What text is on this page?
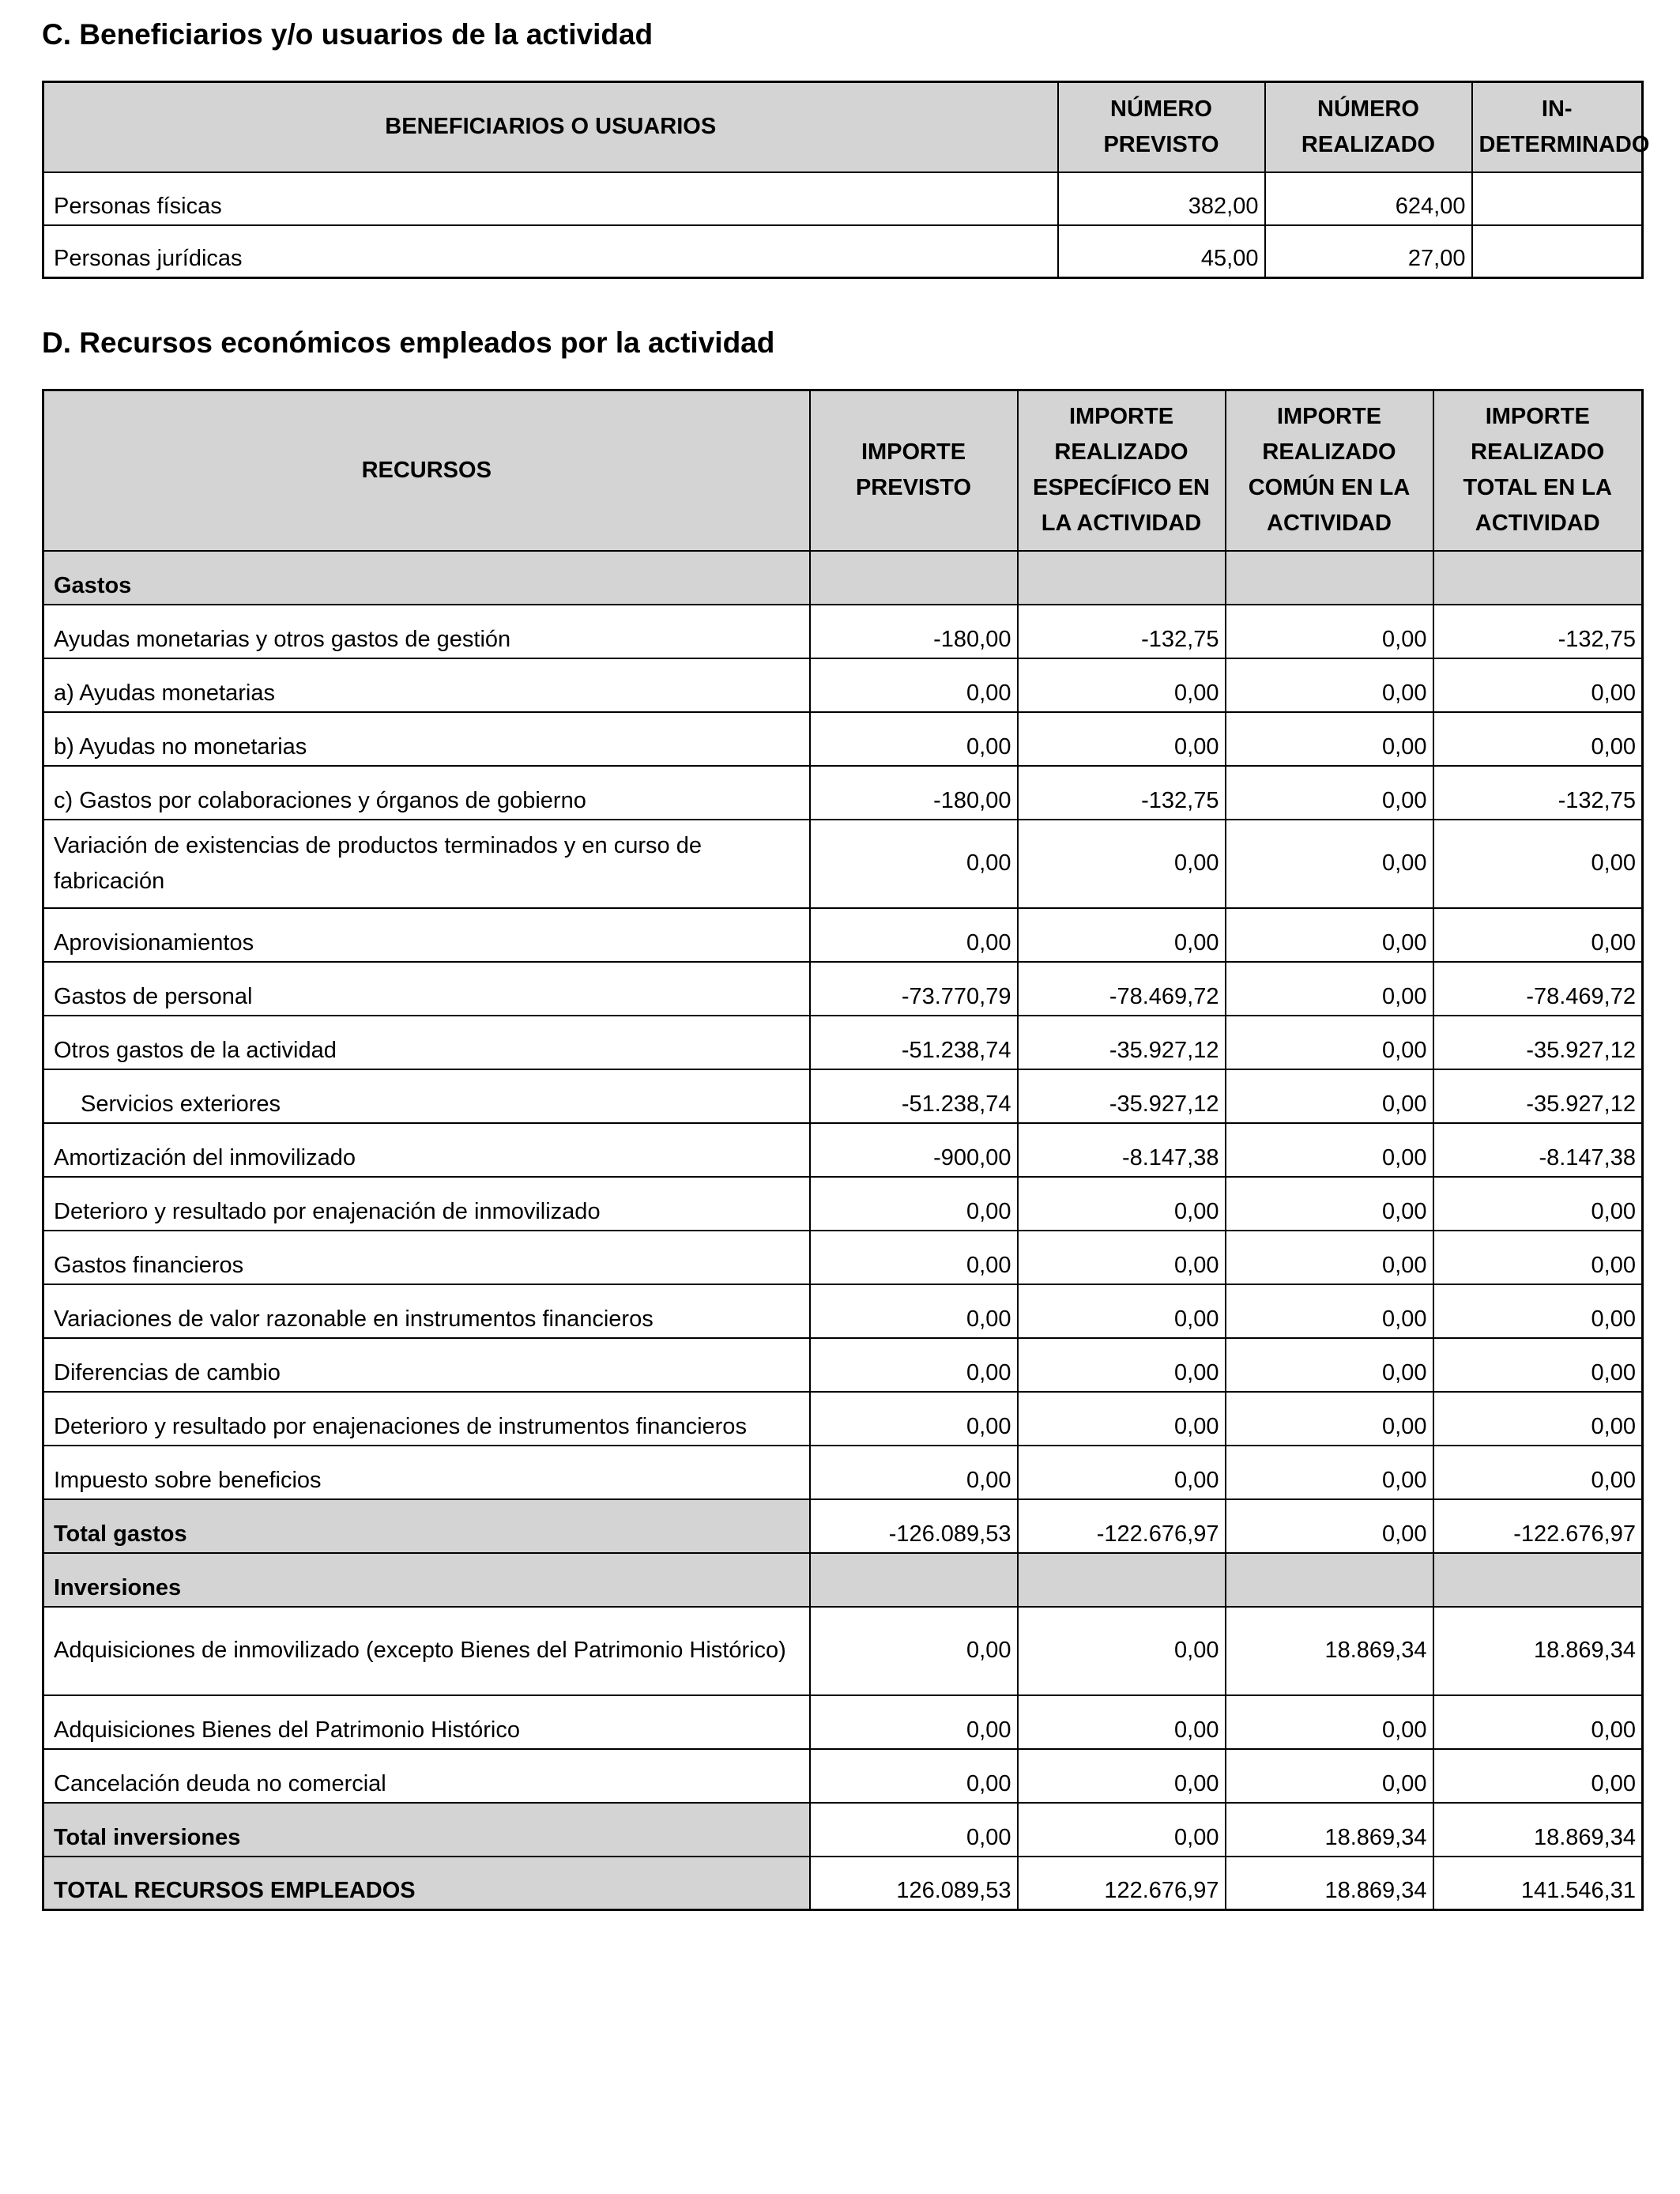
C. Beneficiarios y/o usuarios de la actividad
BENEFICIARIOS O USUARIOS	NÚMERO PREVISTO	NÚMERO REALIZADO	IN-DETERMINADO
Personas físicas	382,00	624,00	
Personas jurídicas	45,00	27,00	
D. Recursos económicos empleados por la actividad
RECURSOS	IMPORTE PREVISTO	IMPORTE REALIZADO ESPECÍFICO EN LA ACTIVIDAD	IMPORTE REALIZADO COMÚN EN LA ACTIVIDAD	IMPORTE REALIZADO TOTAL EN LA ACTIVIDAD
Gastos				
Ayudas monetarias y otros gastos de gestión	-180,00	-132,75	0,00	-132,75
a) Ayudas monetarias	0,00	0,00	0,00	0,00
b) Ayudas no monetarias	0,00	0,00	0,00	0,00
c) Gastos por colaboraciones y órganos de gobierno	-180,00	-132,75	0,00	-132,75
Variación de existencias de productos terminados y en curso de fabricación	0,00	0,00	0,00	0,00
Aprovisionamientos	0,00	0,00	0,00	0,00
Gastos de personal	-73.770,79	-78.469,72	0,00	-78.469,72
Otros gastos de la actividad	-51.238,74	-35.927,12	0,00	-35.927,12
Servicios exteriores	-51.238,74	-35.927,12	0,00	-35.927,12
Amortización del inmovilizado	-900,00	-8.147,38	0,00	-8.147,38
Deterioro y resultado por enajenación de inmovilizado	0,00	0,00	0,00	0,00
Gastos financieros	0,00	0,00	0,00	0,00
Variaciones de valor razonable en instrumentos financieros	0,00	0,00	0,00	0,00
Diferencias de cambio	0,00	0,00	0,00	0,00
Deterioro y resultado por enajenaciones de instrumentos financieros	0,00	0,00	0,00	0,00
Impuesto sobre beneficios	0,00	0,00	0,00	0,00
Total gastos	-126.089,53	-122.676,97	0,00	-122.676,97
Inversiones				
Adquisiciones de inmovilizado (excepto Bienes del Patrimonio Histórico)	0,00	0,00	18.869,34	18.869,34
Adquisiciones Bienes del Patrimonio Histórico	0,00	0,00	0,00	0,00
Cancelación deuda no comercial	0,00	0,00	0,00	0,00
Total inversiones	0,00	0,00	18.869,34	18.869,34
TOTAL RECURSOS EMPLEADOS	126.089,53	122.676,97	18.869,34	141.546,31
